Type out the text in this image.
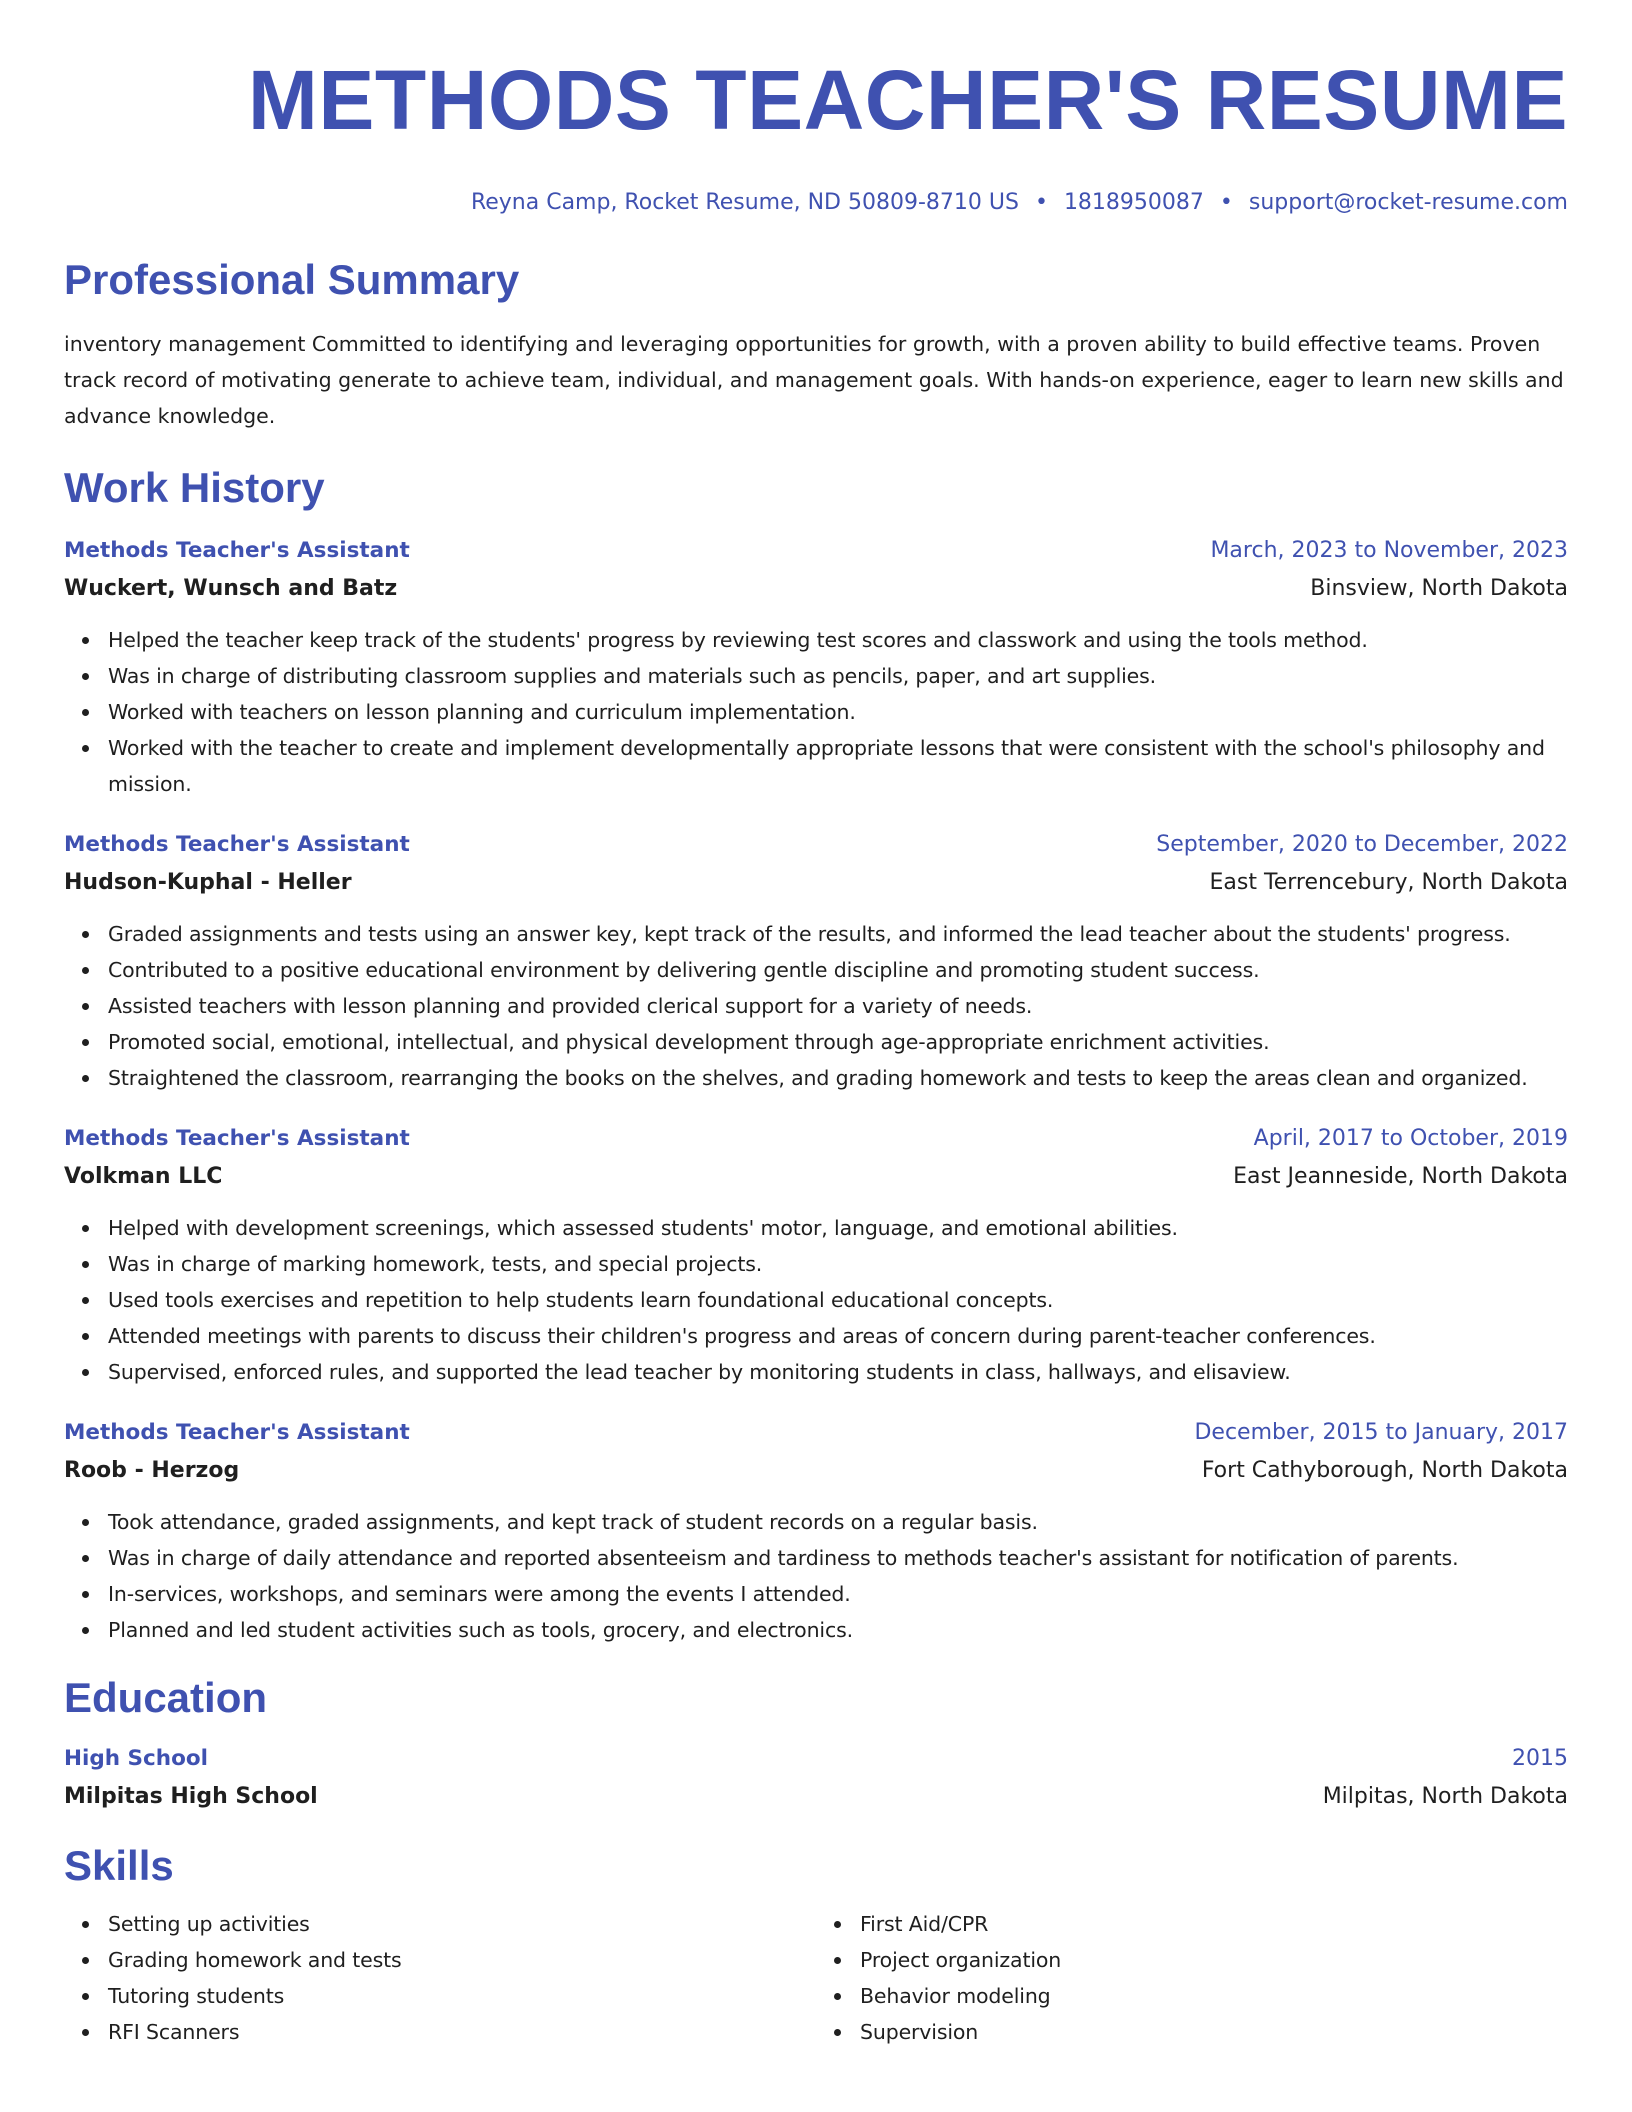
METHODS TEACHER'S RESUME
Reyna Camp, Rocket Resume, ND 50809-8710 US • 1818950087 • support@rocket-resume.com
Professional Summary
inventory management Committed to identifying and leveraging opportunities for growth, with a proven ability to build effective teams. Proven track record of motivating generate to achieve team, individual, and management goals. With hands-on experience, eager to learn new skills and advance knowledge.
Work History
Methods Teacher's Assistant	March, 2023 to November, 2023
Wuckert, Wunsch and Batz	Binsview, North Dakota
Helped the teacher keep track of the students' progress by reviewing test scores and classwork and using the tools method.
Was in charge of distributing classroom supplies and materials such as pencils, paper, and art supplies.
Worked with teachers on lesson planning and curriculum implementation.
Worked with the teacher to create and implement developmentally appropriate lessons that were consistent with the school's philosophy and mission.
Methods Teacher's Assistant	September, 2020 to December, 2022
Hudson-Kuphal - Heller	East Terrencebury, North Dakota
Graded assignments and tests using an answer key, kept track of the results, and informed the lead teacher about the students' progress.
Contributed to a positive educational environment by delivering gentle discipline and promoting student success.
Assisted teachers with lesson planning and provided clerical support for a variety of needs.
Promoted social, emotional, intellectual, and physical development through age-appropriate enrichment activities.
Straightened the classroom, rearranging the books on the shelves, and grading homework and tests to keep the areas clean and organized.
Methods Teacher's Assistant	April, 2017 to October, 2019
Volkman LLC	East Jeanneside, North Dakota
Helped with development screenings, which assessed students' motor, language, and emotional abilities.
Was in charge of marking homework, tests, and special projects.
Used tools exercises and repetition to help students learn foundational educational concepts.
Attended meetings with parents to discuss their children's progress and areas of concern during parent-teacher conferences.
Supervised, enforced rules, and supported the lead teacher by monitoring students in class, hallways, and elisaview.
Methods Teacher's Assistant	December, 2015 to January, 2017
Roob - Herzog	Fort Cathyborough, North Dakota
Took attendance, graded assignments, and kept track of student records on a regular basis.
Was in charge of daily attendance and reported absenteeism and tardiness to methods teacher's assistant for notification of parents.
In-services, workshops, and seminars were among the events I attended.
Planned and led student activities such as tools, grocery, and electronics.
Education
High School	2015
Milpitas High School	Milpitas, North Dakota
Skills
Setting up activities
Grading homework and tests
Tutoring students
RFI Scanners
First Aid/CPR
Project organization
Behavior modeling
Supervision
